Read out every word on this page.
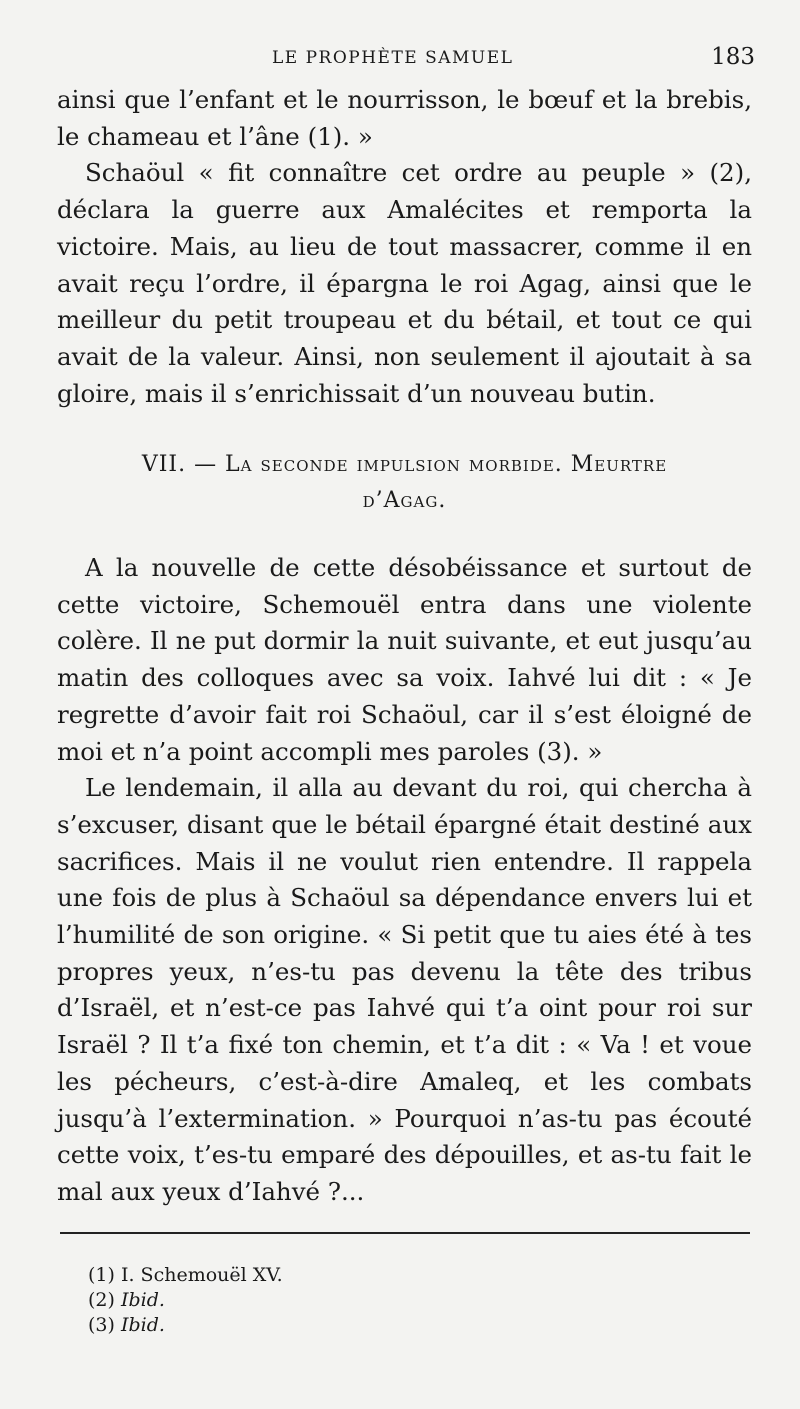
LE PROPHÈTE SAMUEL	183

ainsi que l’enfant et le nourrisson, le bœuf et la brebis, le chameau et l’âne (1). »

Schaöul « fit connaître cet ordre au peuple » (2), déclara la guerre aux Amalécites et remporta la victoire. Mais, au lieu de tout massacrer, comme il en avait reçu l’ordre, il épargna le roi Agag, ainsi que le meilleur du petit troupeau et du bétail, et tout ce qui avait de la valeur. Ainsi, non seulement il ajoutait à sa gloire, mais il s’enrichissait d’un nouveau butin.

VII. — La seconde impulsion morbide. Meurtre
d’Agag.

A la nouvelle de cette désobéissance et surtout de cette victoire, Schemouël entra dans une violente colère. Il ne put dormir la nuit suivante, et eut jusqu’au matin des colloques avec sa voix. Iahvé lui dit : « Je regrette d’avoir fait roi Schaöul, car il s’est éloigné de moi et n’a point accompli mes paroles (3). »

Le lendemain, il alla au devant du roi, qui chercha à s’excuser, disant que le bétail épargné était destiné aux sacrifices. Mais il ne voulut rien entendre. Il rappela une fois de plus à Schaöul sa dépendance envers lui et l’humilité de son origine. « Si petit que tu aies été à tes propres yeux, n’es-tu pas devenu la tête des tribus d’Israël, et n’est-ce pas Iahvé qui t’a oint pour roi sur Israël ? Il t’a fixé ton chemin, et t’a dit : « Va ! et voue les pécheurs, c’est-à-dire Amaleq, et les combats jusqu’à l’extermination. » Pourquoi n’as-tu pas écouté cette voix, t’es-tu emparé des dépouilles, et as-tu fait le mal aux yeux d’Iahvé ?...

(1) I. Schemouël XV.
(2) Ibid.
(3) Ibid.
